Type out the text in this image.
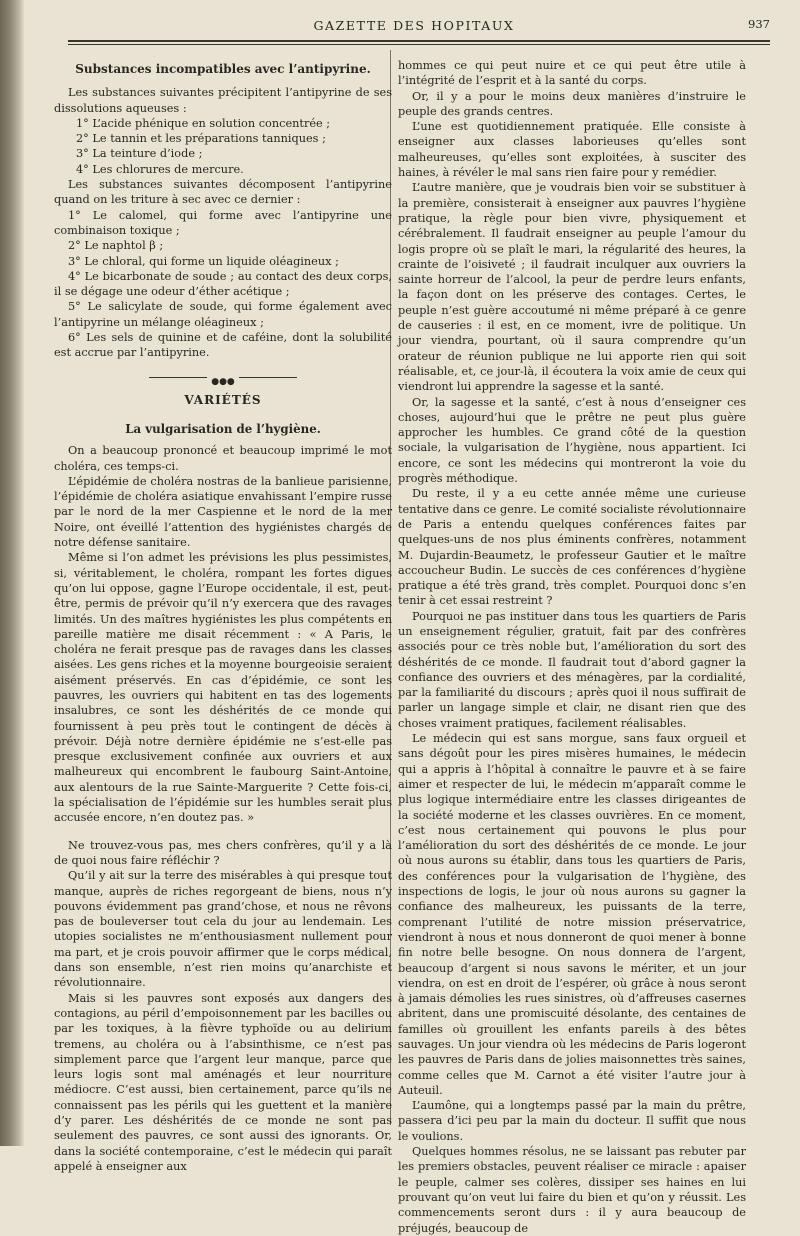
GAZETTE DES HOPITAUX	937
Substances incompatibles avec l’antipyrine.

Les substances suivantes précipitent l’antipyrine de ses dissolutions aqueuses :

1° L’acide phénique en solution concentrée ;

2° Le tannin et les préparations tanniques ;

3° La teinture d’iode ;

4° Les chlorures de mercure.

Les substances suivantes décomposent l’antipyrine quand on les triture à sec avec ce dernier :

1° Le calomel, qui forme avec l’antipyrine une combinaison toxique ;

2° Le naphtol β ;

3° Le chloral, qui forme un liquide oléagineux ;

4° Le bicarbonate de soude ; au contact des deux corps, il se dégage une odeur d’éther acétique ;

5° Le salicylate de soude, qui forme également avec l’antipyrine un mélange oléagineux ;

6° Les sels de quinine et de caféine, dont la solubilité est accrue par l’antipyrine.

●●●
VARIÉTÉS
La vulgarisation de l’hygiène.

On a beaucoup prononcé et beaucoup imprimé le mot choléra, ces temps-ci.

L’épidémie de choléra nostras de la banlieue parisienne, l’épidémie de choléra asiatique envahissant l’empire russe par le nord de la mer Caspienne et le nord de la mer Noire, ont éveillé l’attention des hygiénistes chargés de notre défense sanitaire.

Même si l’on admet les prévisions les plus pessimistes, si, véritablement, le choléra, rompant les fortes digues qu’on lui oppose, gagne l’Europe occidentale, il est, peut-être, permis de prévoir qu’il n’y exercera que des ravages limités. Un des maîtres hygiénistes les plus compétents en pareille matière me disait récemment : « A Paris, le choléra ne ferait presque pas de ravages dans les classes aisées. Les gens riches et la moyenne bourgeoisie seraient aisément préservés. En cas d’épidémie, ce sont les pauvres, les ouvriers qui habitent en tas des logements insalubres, ce sont les déshérités de ce monde qui fournissent à peu près tout le contingent de décès à prévoir. Déjà notre dernière épidémie ne s’est-elle pas presque exclusivement confinée aux ouvriers et aux malheureux qui encombrent le faubourg Saint-Antoine, aux alentours de la rue Sainte-Marguerite ? Cette fois-ci, la spécialisation de l’épidémie sur les humbles serait plus accusée encore, n’en doutez pas. »

Ne trouvez-vous pas, mes chers confrères, qu’il y a là de quoi nous faire réfléchir ?

Qu’il y ait sur la terre des misérables à qui presque tout manque, auprès de riches regorgeant de biens, nous n’y pouvons évidemment pas grand’chose, et nous ne rêvons pas de bouleverser tout cela du jour au lendemain. Les utopies socialistes ne m’enthousiasment nullement pour ma part, et je crois pouvoir affirmer que le corps médical, dans son ensemble, n’est rien moins qu’anarchiste et révolutionnaire.

Mais si les pauvres sont exposés aux dangers des contagions, au péril d’empoisonnement par les bacilles ou par les toxiques, à la fièvre typhoïde ou au delirium tremens, au choléra ou à l’absinthisme, ce n’est pas simplement parce que l’argent leur manque, parce que leurs logis sont mal aménagés et leur nourriture médiocre. C’est aussi, bien certainement, parce qu’ils ne connaissent pas les périls qui les guettent et la manière d’y parer. Les déshérités de ce monde ne sont pas seulement des pauvres, ce sont aussi des ignorants. Or, dans la société contemporaine, c’est le médecin qui paraît appelé à enseigner aux

hommes ce qui peut nuire et ce qui peut être utile à l’intégrité de l’esprit et à la santé du corps.

Or, il y a pour le moins deux manières d’instruire le peuple des grands centres.

L’une est quotidiennement pratiquée. Elle consiste à enseigner aux classes laborieuses qu’elles sont malheureuses, qu’elles sont exploitées, à susciter des haines, à révéler le mal sans rien faire pour y remédier.

L’autre manière, que je voudrais bien voir se substituer à la première, consisterait à enseigner aux pauvres l’hygiène pratique, la règle pour bien vivre, physiquement et cérébralement. Il faudrait enseigner au peuple l’amour du logis propre où se plaît le mari, la régularité des heures, la crainte de l’oisiveté ; il faudrait inculquer aux ouvriers la sainte horreur de l’alcool, la peur de perdre leurs enfants, la façon dont on les préserve des contages. Certes, le peuple n’est guère accoutumé ni même préparé à ce genre de causeries : il est, en ce moment, ivre de politique. Un jour viendra, pourtant, où il saura comprendre qu’un orateur de réunion publique ne lui apporte rien qui soit réalisable, et, ce jour-là, il écoutera la voix amie de ceux qui viendront lui apprendre la sagesse et la santé.

Or, la sagesse et la santé, c’est à nous d’enseigner ces choses, aujourd’hui que le prêtre ne peut plus guère approcher les humbles. Ce grand côté de la question sociale, la vulgarisation de l’hygiène, nous appartient. Ici encore, ce sont les médecins qui montreront la voie du progrès méthodique.

Du reste, il y a eu cette année même une curieuse tentative dans ce genre. Le comité socialiste révolutionnaire de Paris a entendu quelques conférences faites par quelques-uns de nos plus éminents confrères, notamment M. Dujardin-Beaumetz, le professeur Gautier et le maître accoucheur Budin. Le succès de ces conférences d’hygiène pratique a été très grand, très complet. Pourquoi donc s’en tenir à cet essai restreint ?

Pourquoi ne pas instituer dans tous les quartiers de Paris un enseignement régulier, gratuit, fait par des confrères associés pour ce très noble but, l’amélioration du sort des déshérités de ce monde. Il faudrait tout d’abord gagner la confiance des ouvriers et des ménagères, par la cordialité, par la familiarité du discours ; après quoi il nous suffirait de parler un langage simple et clair, ne disant rien que des choses vraiment pratiques, facilement réalisables.

Le médecin qui est sans morgue, sans faux orgueil et sans dégoût pour les pires misères humaines, le médecin qui a appris à l’hôpital à connaître le pauvre et à se faire aimer et respecter de lui, le médecin m’apparaît comme le plus logique intermédiaire entre les classes dirigeantes de la société moderne et les classes ouvrières. En ce moment, c’est nous certainement qui pouvons le plus pour l’amélioration du sort des déshérités de ce monde. Le jour où nous aurons su établir, dans tous les quartiers de Paris, des conférences pour la vulgarisation de l’hygiène, des inspections de logis, le jour où nous aurons su gagner la confiance des malheureux, les puissants de la terre, comprenant l’utilité de notre mission préservatrice, viendront à nous et nous donneront de quoi mener à bonne fin notre belle besogne. On nous donnera de l’argent, beaucoup d’argent si nous savons le mériter, et un jour viendra, on est en droit de l’espérer, où grâce à nous seront à jamais démolies les rues sinistres, où d’affreuses casernes abritent, dans une promiscuité désolante, des centaines de familles où grouillent les enfants pareils à des bêtes sauvages. Un jour viendra où les médecins de Paris logeront les pauvres de Paris dans de jolies maisonnettes très saines, comme celles que M. Carnot a été visiter l’autre jour à Auteuil.

L’aumône, qui a longtemps passé par la main du prêtre, passera d’ici peu par la main du docteur. Il suffit que nous le voulions.

Quelques hommes résolus, ne se laissant pas rebuter par les premiers obstacles, peuvent réaliser ce miracle : apaiser le peuple, calmer ses colères, dissiper ses haines en lui prouvant qu’on veut lui faire du bien et qu’on y réussit. Les commencements seront durs : il y aura beaucoup de préjugés, beaucoup de
